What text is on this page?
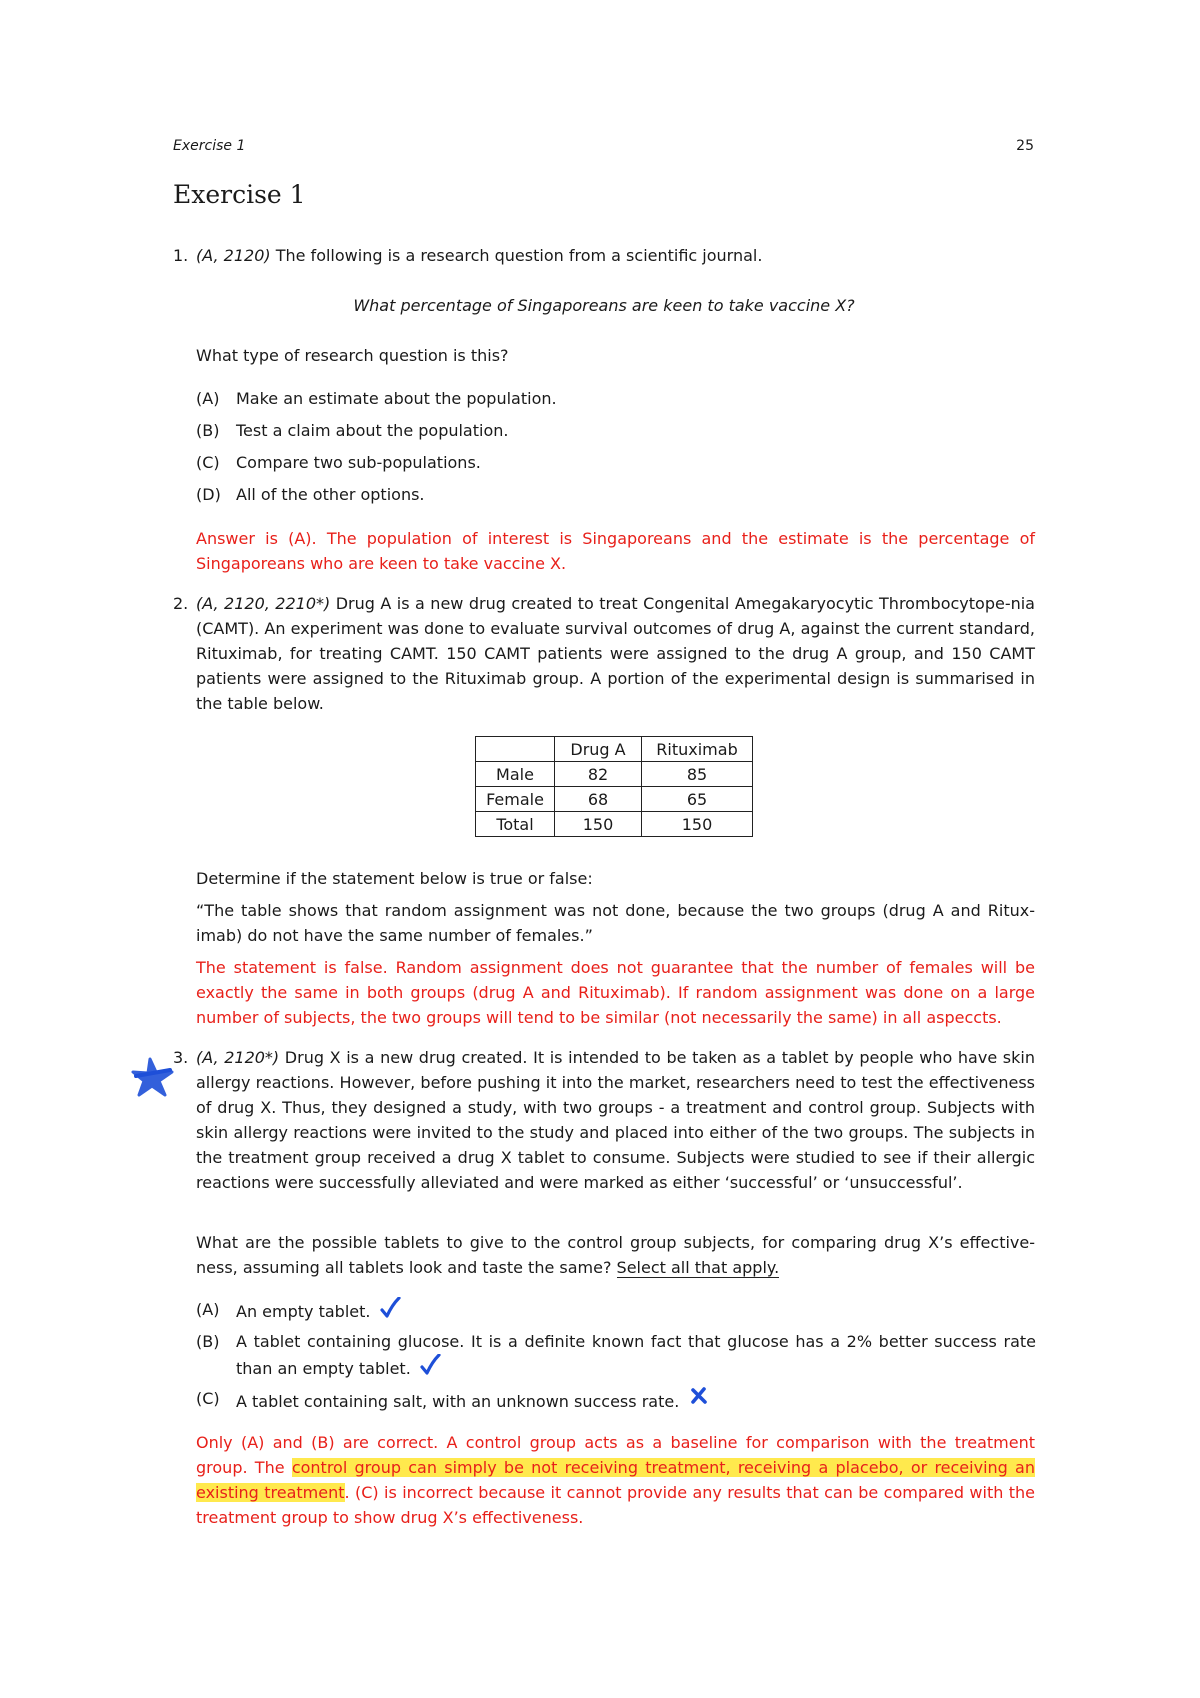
Exercise 1	25
Exercise 1
1. (A, 2120) The following is a research question from a scientific journal.
What percentage of Singaporeans are keen to take vaccine X?
What type of research question is this?
(A) Make an estimate about the population.
(B) Test a claim about the population.
(C) Compare two sub-populations.
(D) All of the other options.
Answer is (A). The population of interest is Singaporeans and the estimate is the percentage of Singaporeans who are keen to take vaccine X.
2. (A, 2120, 2210*) Drug A is a new drug created to treat Congenital Amegakaryocytic Thrombocytope-nia (CAMT). An experiment was done to evaluate survival outcomes of drug A, against the current standard, Rituximab, for treating CAMT. 150 CAMT patients were assigned to the drug A group, and 150 CAMT patients were assigned to the Rituximab group. A portion of the experimental design is summarised in the table below.
	Drug A	Rituximab
Male	82	85
Female	68	65
Total	150	150
Determine if the statement below is true or false:
“The table shows that random assignment was not done, because the two groups (drug A and Ritux-imab) do not have the same number of females.”
The statement is false. Random assignment does not guarantee that the number of females will be exactly the same in both groups (drug A and Rituximab). If random assignment was done on a large number of subjects, the two groups will tend to be similar (not necessarily the same) in all aspeccts.
3. (A, 2120*) Drug X is a new drug created. It is intended to be taken as a tablet by people who have skin allergy reactions. However, before pushing it into the market, researchers need to test the effectiveness of drug X. Thus, they designed a study, with two groups - a treatment and control group. Subjects with skin allergy reactions were invited to the study and placed into either of the two groups. The subjects in the treatment group received a drug X tablet to consume. Subjects were studied to see if their allergic reactions were successfully alleviated and were marked as either ‘successful’ or ‘unsuccessful’.
What are the possible tablets to give to the control group subjects, for comparing drug X’s effective-ness, assuming all tablets look and taste the same? Select all that apply.
(A) An empty tablet.
(B) A tablet containing glucose. It is a definite known fact that glucose has a 2% better success rate than an empty tablet.
(C) A tablet containing salt, with an unknown success rate.
Only (A) and (B) are correct. A control group acts as a baseline for comparison with the treatment group. The control group can simply be not receiving treatment, receiving a placebo, or receiving an existing treatment. (C) is incorrect because it cannot provide any results that can be compared with the treatment group to show drug X’s effectiveness.
